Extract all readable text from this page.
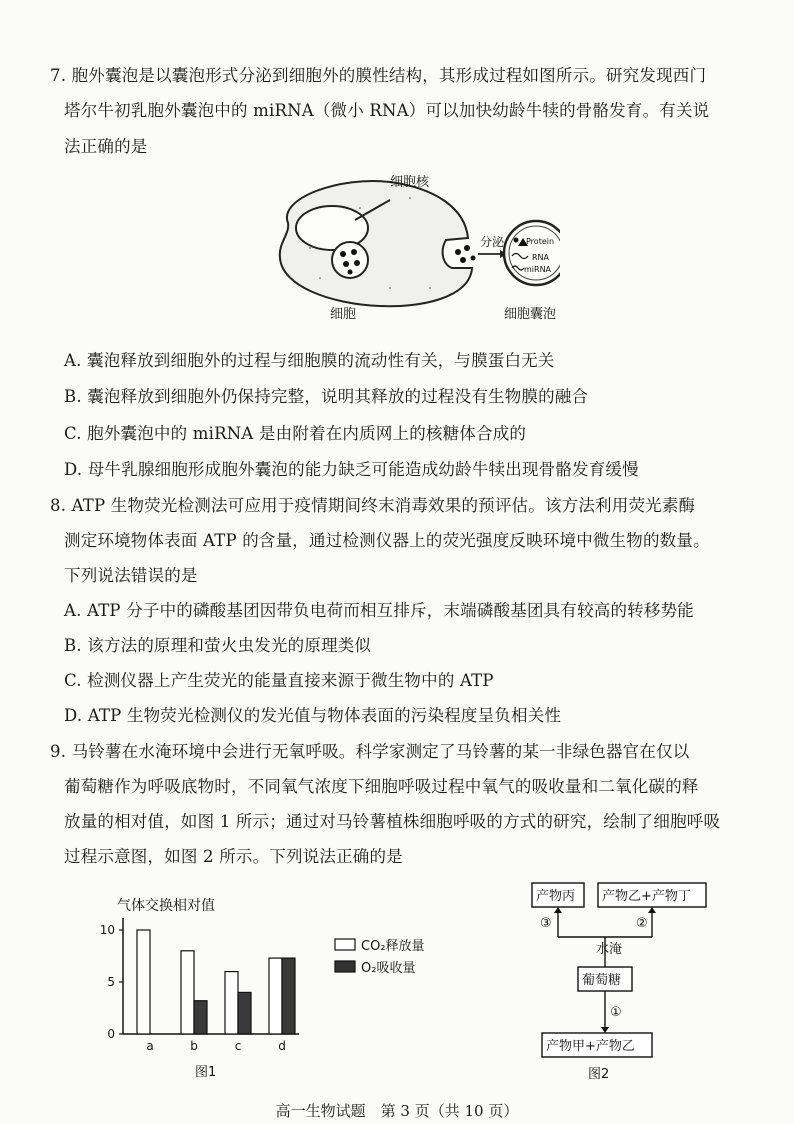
7. 胞外囊泡是以囊泡形式分泌到细胞外的膜性结构，其形成过程如图所示。研究发现西门
塔尔牛初乳胞外囊泡中的 miRNA（微小 RNA）可以加快幼龄牛犊的骨骼发育。有关说
法正确的是
细胞核
分泌	Protein
RNA
miRNA
细胞	细胞囊泡
A. 囊泡释放到细胞外的过程与细胞膜的流动性有关，与膜蛋白无关
B. 囊泡释放到细胞外仍保持完整，说明其释放的过程没有生物膜的融合
C. 胞外囊泡中的 miRNA 是由附着在内质网上的核糖体合成的
D. 母牛乳腺细胞形成胞外囊泡的能力缺乏可能造成幼龄牛犊出现骨骼发育缓慢
8. ATP 生物荧光检测法可应用于疫情期间终末消毒效果的预评估。该方法利用荧光素酶
测定环境物体表面 ATP 的含量，通过检测仪器上的荧光强度反映环境中微生物的数量。
下列说法错误的是
A. ATP 分子中的磷酸基团因带负电荷而相互排斥，末端磷酸基团具有较高的转移势能
B. 该方法的原理和萤火虫发光的原理类似
C. 检测仪器上产生荧光的能量直接来源于微生物中的 ATP
D. ATP 生物荧光检测仪的发光值与物体表面的污染程度呈负相关性
9. 马铃薯在水淹环境中会进行无氧呼吸。科学家测定了马铃薯的某一非绿色器官在仅以
葡萄糖作为呼吸底物时，不同氧气浓度下细胞呼吸过程中氧气的吸收量和二氧化碳的释
放量的相对值，如图 1 所示；通过对马铃薯植株细胞呼吸的方式的研究，绘制了细胞呼吸
过程示意图，如图 2 所示。下列说法正确的是
气体交换相对值
10
5
0
a	b	c	d
CO₂释放量
O₂吸收量
图1
产物丙 产物乙+产物丁
③	②
水淹
葡萄糖
①
产物甲+产物乙
图2
高一生物试题　第 3 页（共 10 页）
